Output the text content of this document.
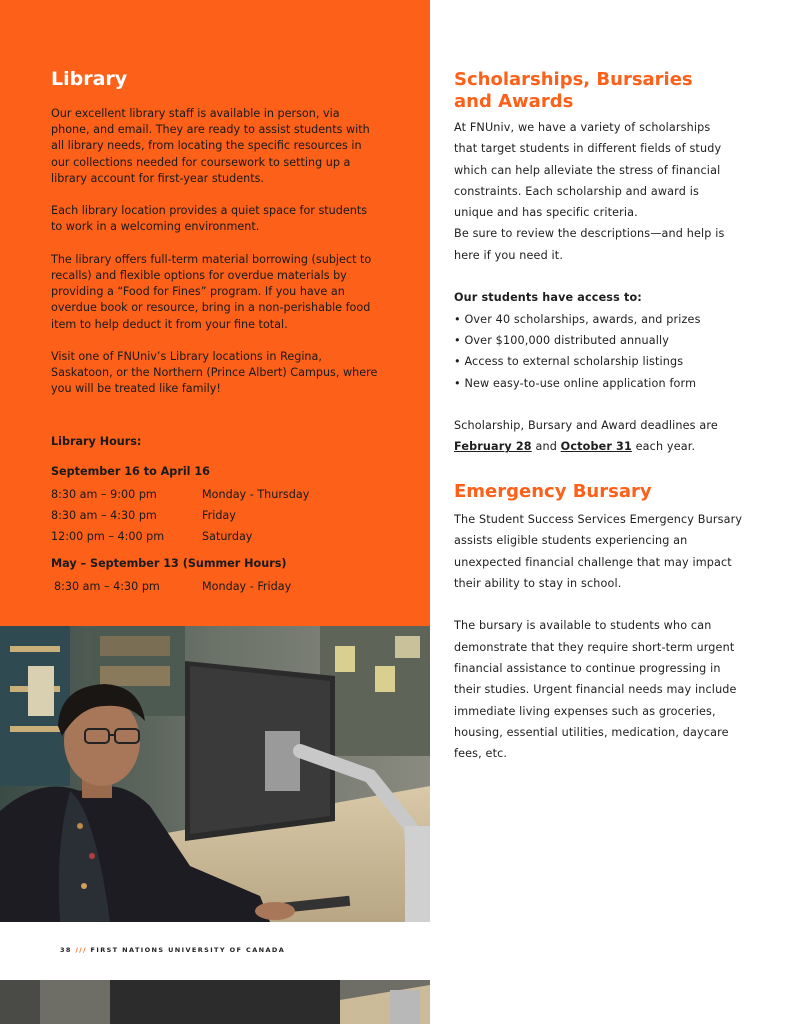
Library

Our excellent library staff is available in person, via phone, and email. They are ready to assist students with all library needs, from locating the specific resources in our collections needed for coursework to setting up a library account for first-year students.

Each library location provides a quiet space for students to work in a welcoming environment.

The library offers full-term material borrowing (subject to recalls) and flexible options for overdue materials by providing a “Food for Fines” program. If you have an overdue book or resource, bring in a non-perishable food item to help deduct it from your fine total.

Visit one of FNUniv’s Library locations in Regina, Saskatoon, or the Northern (Prince Albert) Campus, where you will be treated like family!

Library Hours:
September 16 to April 16
8:30 am – 9:00 pm	Monday - Thursday
8:30 am – 4:30 pm	Friday
12:00 pm – 4:00 pm	Saturday
May – September 13 (Summer Hours)
8:30 am – 4:30 pm	Monday - Friday
38 /// FIRST NATIONS UNIVERSITY OF CANADA
Scholarships, Bursaries
and Awards
At FNUniv, we have a variety of scholarships
that target students in different fields of study
which can help alleviate the stress of financial
constraints. Each scholarship and award is
unique and has specific criteria.
Be sure to review the descriptions—and help is
here if you need it.
Our students have access to:
• Over 40 scholarships, awards, and prizes
• Over $100,000 distributed annually
• Access to external scholarship listings
• New easy-to-use online application form
Scholarship, Bursary and Award deadlines are
February 28 and October 31 each year.
Emergency Bursary
The Student Success Services Emergency Bursary
assists eligible students experiencing an
unexpected financial challenge that may impact
their ability to stay in school.
The bursary is available to students who can
demonstrate that they require short-term urgent
financial assistance to continue progressing in
their studies. Urgent financial needs may include
immediate living expenses such as groceries,
housing, essential utilities, medication, daycare
fees, etc.
